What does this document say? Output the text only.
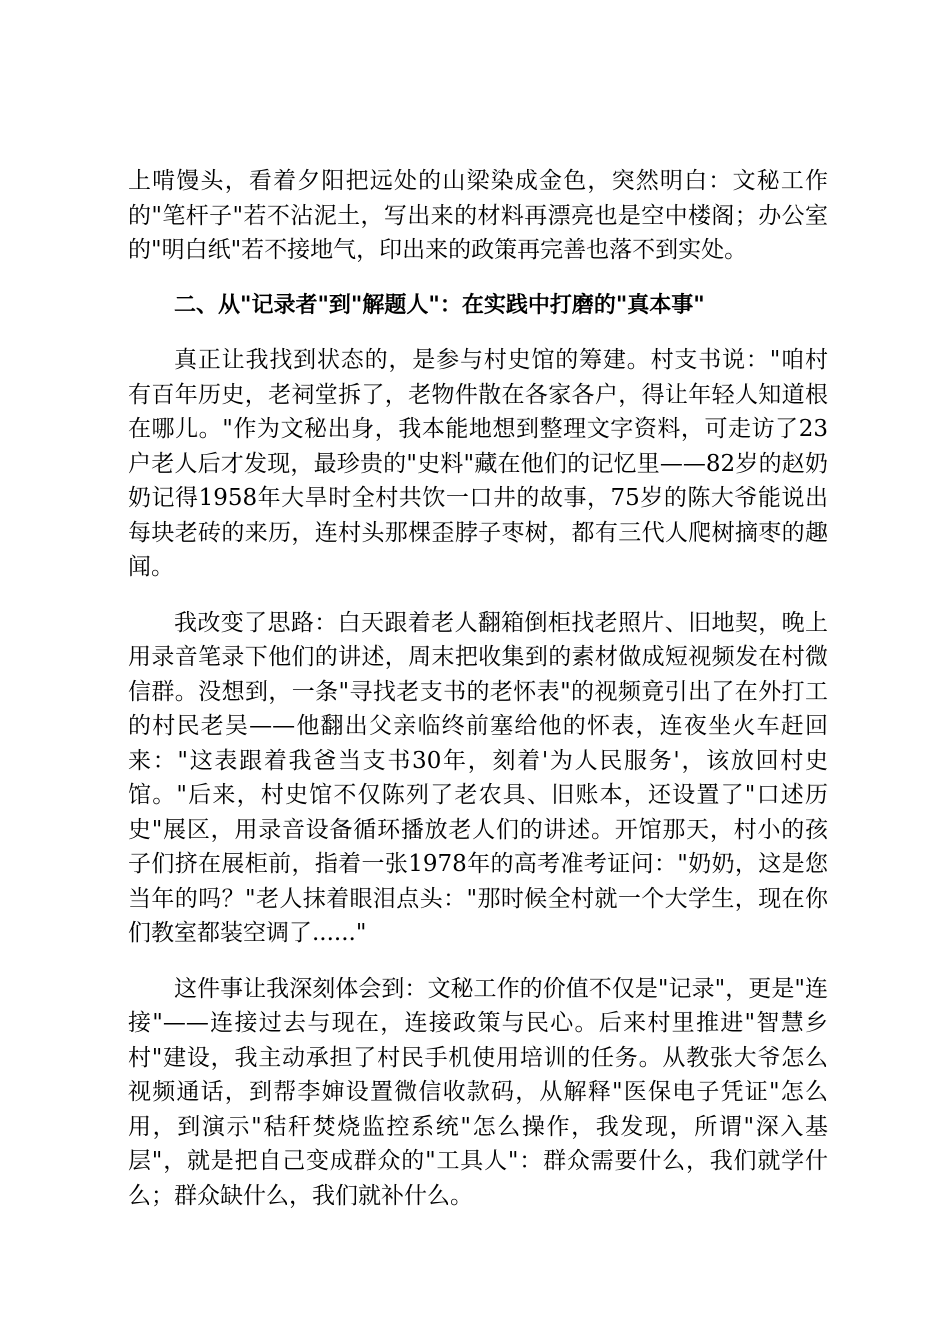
上啃馒头，看着夕阳把远处的山梁染成金色，突然明白：文秘工作的"笔杆子"若不沾泥土，写出来的材料再漂亮也是空中楼阁；办公室的"明白纸"若不接地气，印出来的政策再完善也落不到实处。

二、从"记录者"到"解题人"：在实践中打磨的"真本事"

真正让我找到状态的，是参与村史馆的筹建。村支书说："咱村有百年历史，老祠堂拆了，老物件散在各家各户，得让年轻人知道根在哪儿。"作为文秘出身，我本能地想到整理文字资料，可走访了23户老人后才发现，最珍贵的"史料"藏在他们的记忆里——82岁的赵奶奶记得1958年大旱时全村共饮一口井的故事，75岁的陈大爷能说出每块老砖的来历，连村头那棵歪脖子枣树，都有三代人爬树摘枣的趣闻。

我改变了思路：白天跟着老人翻箱倒柜找老照片、旧地契，晚上用录音笔录下他们的讲述，周末把收集到的素材做成短视频发在村微信群。没想到，一条"寻找老支书的老怀表"的视频竟引出了在外打工的村民老吴——他翻出父亲临终前塞给他的怀表，连夜坐火车赶回来："这表跟着我爸当支书30年，刻着'为人民服务'，该放回村史馆。"后来，村史馆不仅陈列了老农具、旧账本，还设置了"口述历史"展区，用录音设备循环播放老人们的讲述。开馆那天，村小的孩子们挤在展柜前，指着一张1978年的高考准考证问："奶奶，这是您当年的吗？"老人抹着眼泪点头："那时候全村就一个大学生，现在你们教室都装空调了......"

这件事让我深刻体会到：文秘工作的价值不仅是"记录"，更是"连接"——连接过去与现在，连接政策与民心。后来村里推进"智慧乡村"建设，我主动承担了村民手机使用培训的任务。从教张大爷怎么视频通话，到帮李婶设置微信收款码，从解释"医保电子凭证"怎么用，到演示"秸秆焚烧监控系统"怎么操作，我发现，所谓"深入基层"，就是把自己变成群众的"工具人"：群众需要什么，我们就学什么；群众缺什么，我们就补什么。
